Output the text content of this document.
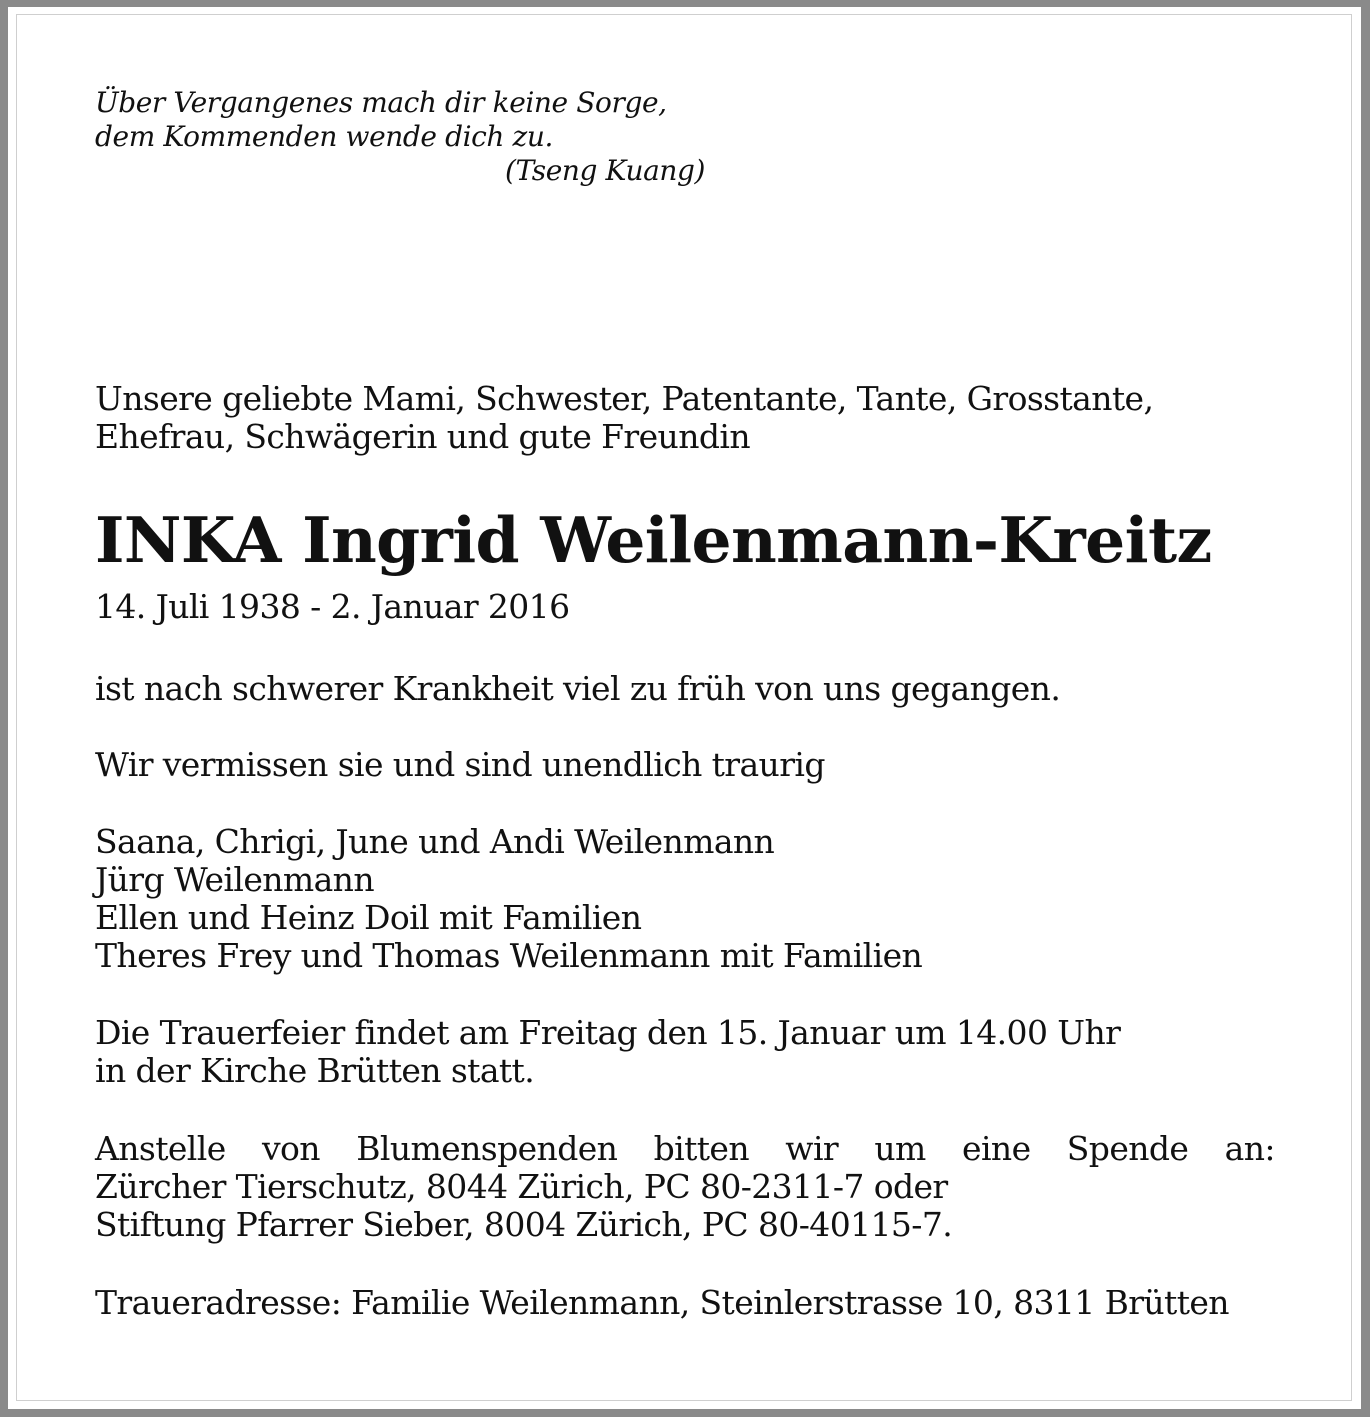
Über Vergangenes mach dir keine Sorge,
dem Kommenden wende dich zu.
(Tseng Kuang)
Unsere geliebte Mami, Schwester, Patentante, Tante, Grosstante,
Ehefrau, Schwägerin und gute Freundin
INKA Ingrid Weilenmann-Kreitz
14. Juli 1938 - 2. Januar 2016
ist nach schwerer Krankheit viel zu früh von uns gegangen.
Wir vermissen sie und sind unendlich traurig
Saana, Chrigi, June und Andi Weilenmann
Jürg Weilenmann
Ellen und Heinz Doil mit Familien
Theres Frey und Thomas Weilenmann mit Familien
Die Trauerfeier findet am Freitag den 15. Januar um 14.00 Uhr
in der Kirche Brütten statt.
Anstelle von Blumenspenden bitten wir um eine Spende an:
Zürcher Tierschutz, 8044 Zürich, PC 80-2311-7 oder
Stiftung Pfarrer Sieber, 8004 Zürich, PC 80-40115-7.
Traueradresse: Familie Weilenmann, Steinlerstrasse 10, 8311 Brütten
